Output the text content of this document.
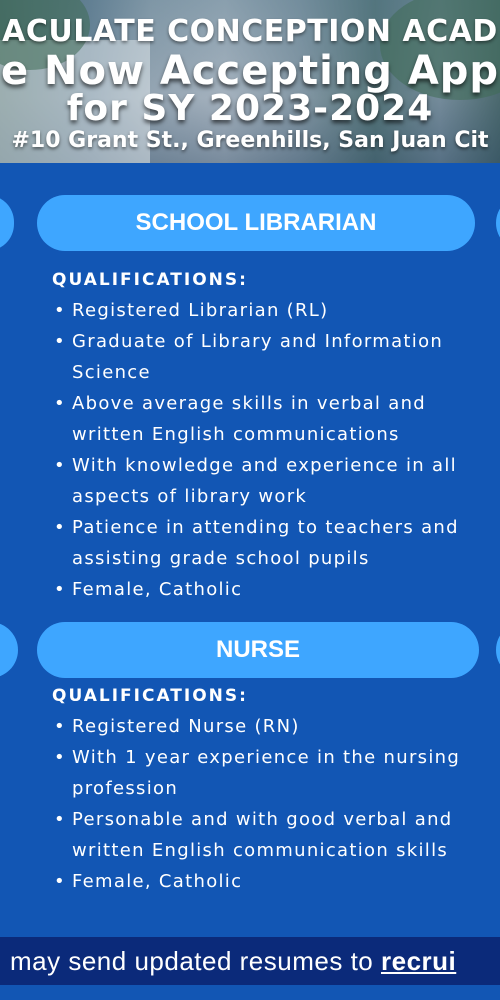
ACULATE CONCEPTION ACAD
e Now Accepting App
for SY 2023-2024
#10 Grant St., Greenhills, San Juan Cit
SCHOOL LIBRARIAN
QUALIFICATIONS:
• Registered Librarian (RL)
• Graduate of Library and Information Science
• Above average skills in verbal and written English communications
• With knowledge and experience in all aspects of library work
• Patience in attending to teachers and assisting grade school pupils
• Female, Catholic
NURSE
QUALIFICATIONS:
• Registered Nurse (RN)
• With 1 year experience in the nursing profession
• Personable and with good verbal and written English communication skills
• Female, Catholic
may send updated resumes to recrui
